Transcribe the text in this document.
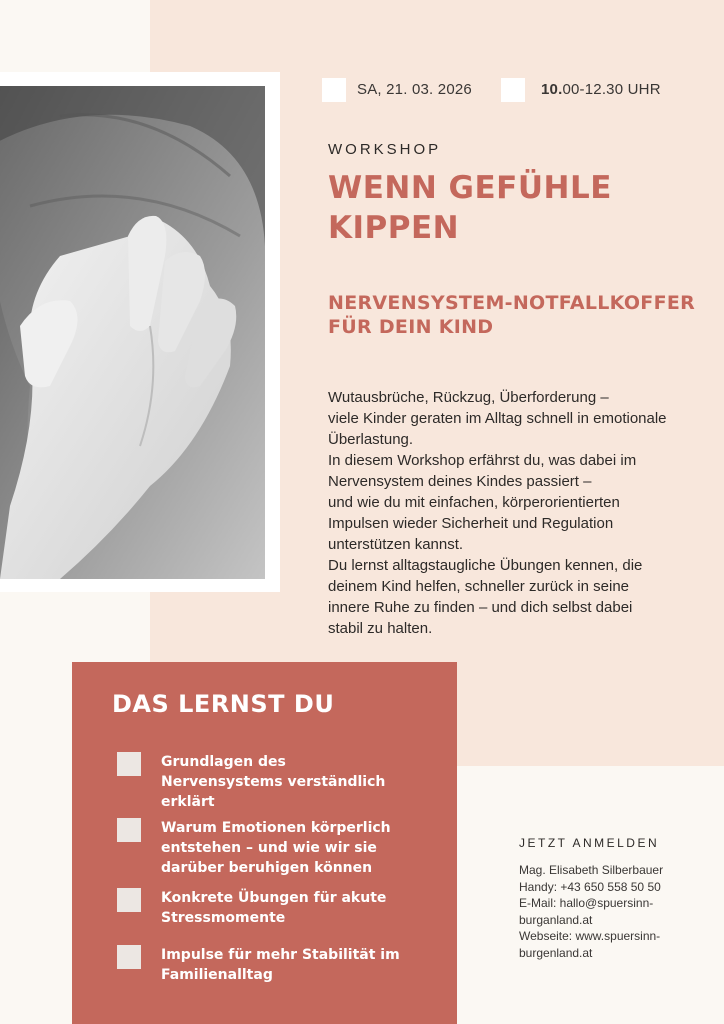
SA, 21. 03. 2026	10.00-12.30 UHR
WORKSHOP
WENN GEFÜHLE
KIPPEN
NERVENSYSTEM-NOTFALLKOFFER
FÜR DEIN KIND
Wutausbrüche, Rückzug, Überforderung –
viele Kinder geraten im Alltag schnell in emotionale
Überlastung.
In diesem Workshop erfährst du, was dabei im
Nervensystem deines Kindes passiert –
und wie du mit einfachen, körperorientierten
Impulsen wieder Sicherheit und Regulation
unterstützen kannst.
Du lernst alltagstaugliche Übungen kennen, die
deinem Kind helfen, schneller zurück in seine
innere Ruhe zu finden – und dich selbst dabei
stabil zu halten.
DAS LERNST DU
Grundlagen des
Nervensystems verständlich
erklärt
Warum Emotionen körperlich
entstehen – und wie wir sie
darüber beruhigen können
Konkrete Übungen für akute
Stressmomente
Impulse für mehr Stabilität im
Familienalltag
JETZT ANMELDEN
Mag. Elisabeth Silberbauer
Handy: +43 650 558 50 50
E-Mail: hallo@spuersinn-
burganland.at
Webseite: www.spuersinn-
burgenland.at
